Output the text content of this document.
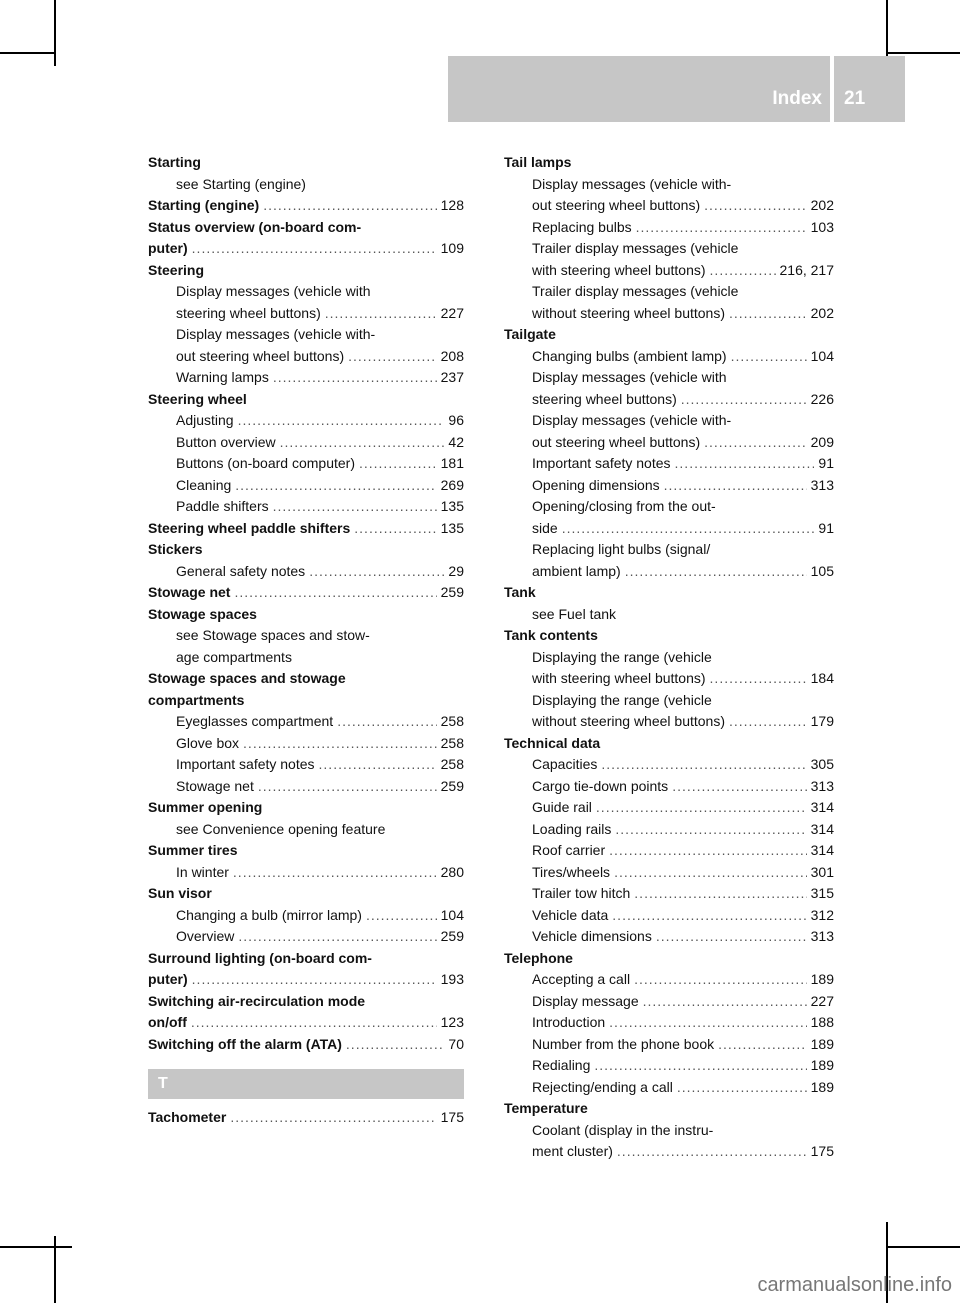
Index 21
Starting
see Starting (engine)
Starting (engine) .....	128
Status overview (on-board com-
puter) .....	109
Steering
Display messages (vehicle with
steering wheel buttons) .....	227
Display messages (vehicle with-
out steering wheel buttons) .....	208
Warning lamps .....	237
Steering wheel
Adjusting .....	96
Button overview .....	42
Buttons (on-board computer) .....	181
Cleaning .....	269
Paddle shifters .....	135
Steering wheel paddle shifters .....	135
Stickers
General safety notes .....	29
Stowage net .....	259
Stowage spaces
see Stowage spaces and stow-
age compartments
Stowage spaces and stowage
compartments
Eyeglasses compartment .....	258
Glove box .....	258
Important safety notes .....	258
Stowage net .....	259
Summer opening
see Convenience opening feature
Summer tires
In winter .....	280
Sun visor
Changing a bulb (mirror lamp) .....	104
Overview .....	259
Surround lighting (on-board com-
puter) .....	193
Switching air-recirculation mode
on/off .....	123
Switching off the alarm (ATA) .....	70
T
Tachometer .....	175
Tail lamps
Display messages (vehicle with-
out steering wheel buttons) .....	202
Replacing bulbs .....	103
Trailer display messages (vehicle
with steering wheel buttons) .....	216, 217
Trailer display messages (vehicle
without steering wheel buttons) .....	202
Tailgate
Changing bulbs (ambient lamp) .....	104
Display messages (vehicle with
steering wheel buttons) .....	226
Display messages (vehicle with-
out steering wheel buttons) .....	209
Important safety notes .....	91
Opening dimensions .....	313
Opening/closing from the out-
side .....	91
Replacing light bulbs (signal/
ambient lamp) .....	105
Tank
see Fuel tank
Tank contents
Displaying the range (vehicle
with steering wheel buttons) .....	184
Displaying the range (vehicle
without steering wheel buttons) .....	179
Technical data
Capacities .....	305
Cargo tie-down points .....	313
Guide rail .....	314
Loading rails .....	314
Roof carrier .....	314
Tires/wheels .....	301
Trailer tow hitch .....	315
Vehicle data .....	312
Vehicle dimensions .....	313
Telephone
Accepting a call .....	189
Display message .....	227
Introduction .....	188
Number from the phone book .....	189
Redialing .....	189
Rejecting/ending a call .....	189
Temperature
Coolant (display in the instru-
ment cluster) .....	175
carmanualsonline.info
